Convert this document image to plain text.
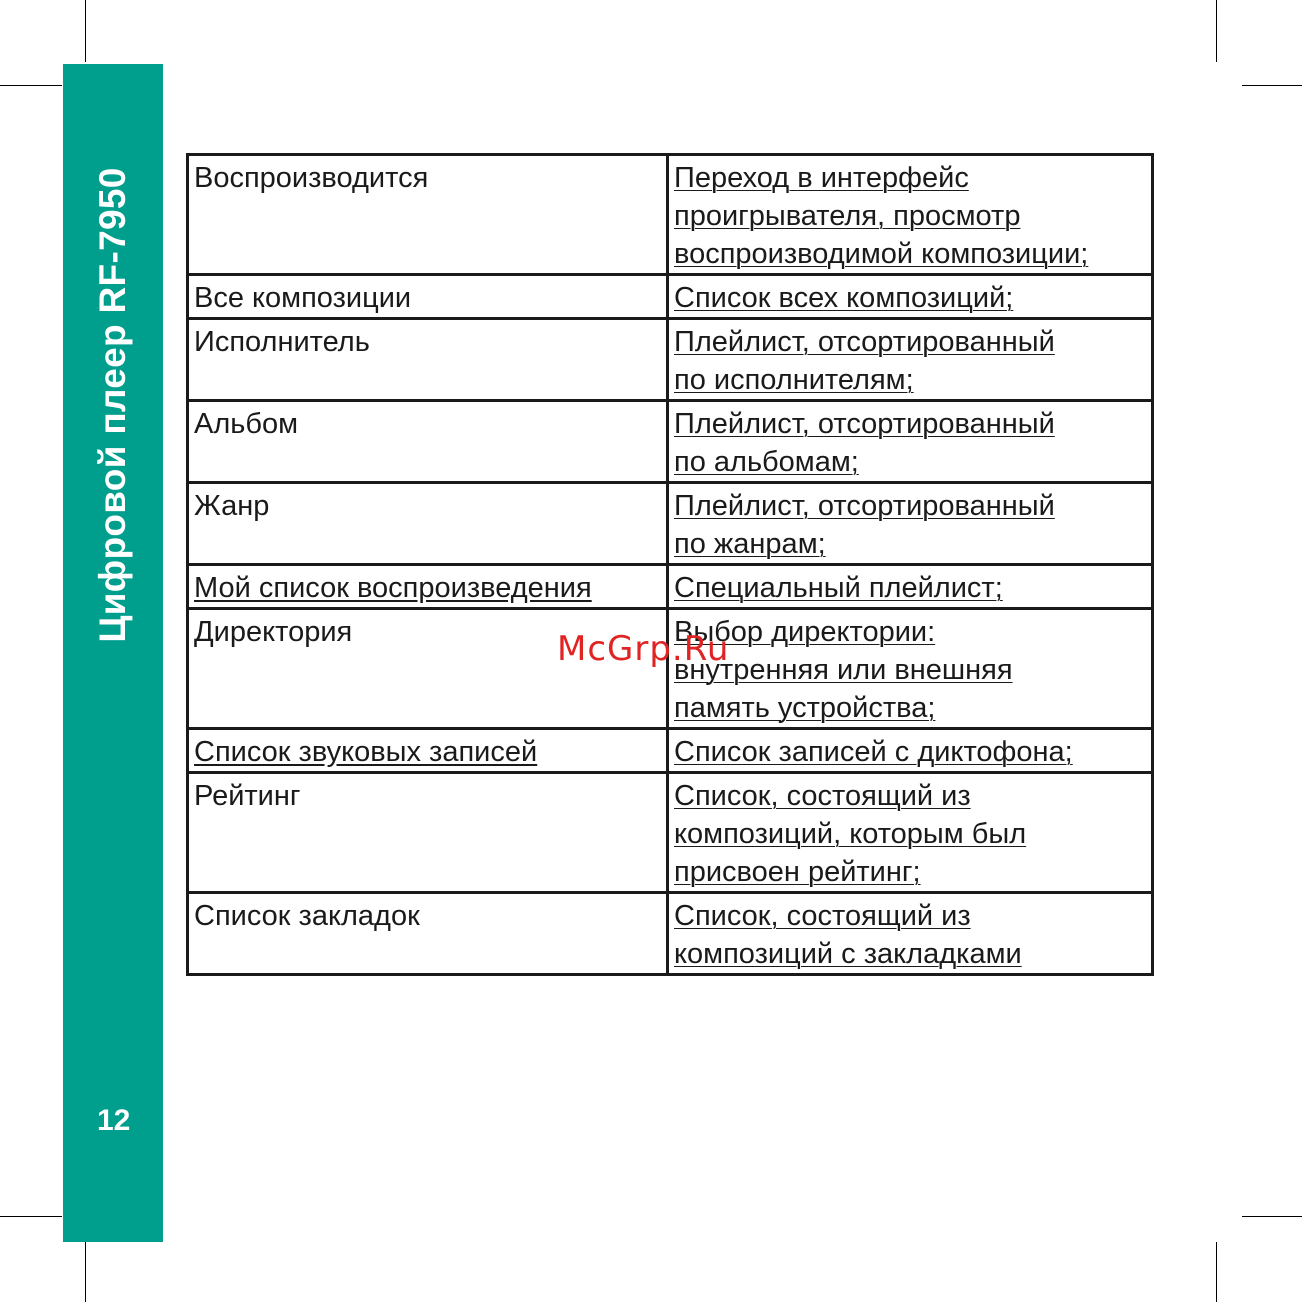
Цифровой плеер RF-7950
12
Воспроизводится	Переход в интерфейс
проигрывателя, просмотр
воспроизводимой композиции;
Все композиции	Список всех композиций;
Исполнитель	Плейлист, отсортированный
по исполнителям;
Альбом	Плейлист, отсортированный
по альбомам;
Жанр	Плейлист, отсортированный
по жанрам;
Мой список воспроизведения	Специальный плейлист;
Директория	Выбор директории:
внутренняя или внешняя
память устройства;
Список звуковых записей	Список записей с диктофона;
Рейтинг	Список, состоящий из
композиций, которым был
присвоен рейтинг;
Список закладок	Список, состоящий из
композиций с закладками
McGrp.Ru
